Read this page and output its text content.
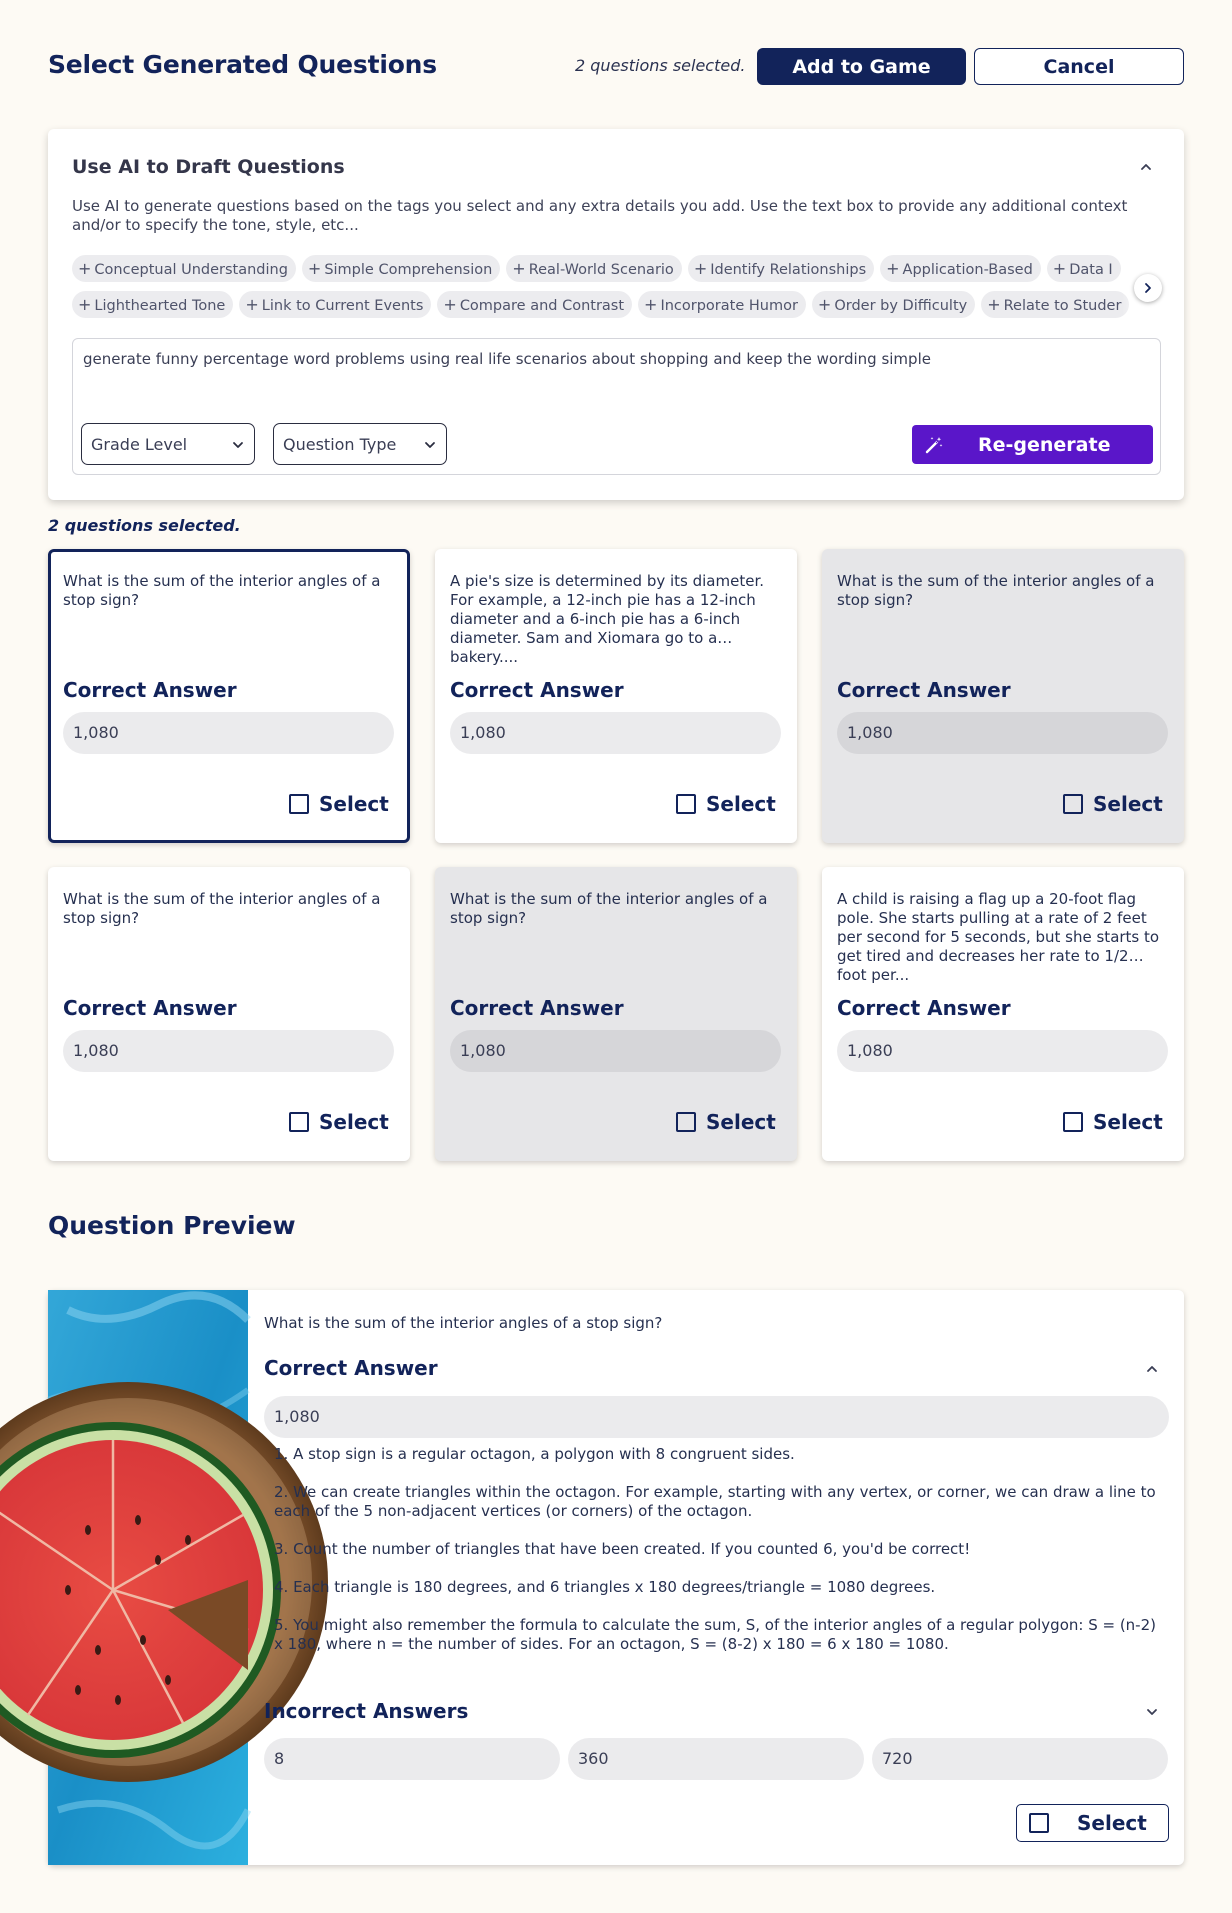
Select Generated Questions	2 questions selected.	Add to Game	Cancel
Use AI to Draft Questions
Use AI to generate questions based on the tags you select and any extra details you add. Use the text box to provide any additional context and/or to specify the tone, style, etc...
+ Conceptual Understanding + Simple Comprehension + Real-World Scenario + Identify Relationships + Application-Based + Data I
+ Lighthearted Tone + Link to Current Events + Compare and Contrast + Incorporate Humor + Order by Difficulty + Relate to Studer
generate funny percentage word problems using real life scenarios about shopping and keep the wording simple
Grade Level	Question Type	Re-generate
2 questions selected.
What is the sum of the interior angles of a stop sign?
Correct Answer
1,080
Select
A pie's size is determined by its diameter. For example, a 12-inch pie has a 12-inch diameter and a 6-inch pie has a 6-inch diameter. Sam and Xiomara go to a bakery....
Correct Answer
1,080
Select
What is the sum of the interior angles of a stop sign?
Correct Answer
1,080
Select
What is the sum of the interior angles of a stop sign?
Correct Answer
1,080
Select
What is the sum of the interior angles of a stop sign?
Correct Answer
1,080
Select
A child is raising a flag up a 20-foot flag pole. She starts pulling at a rate of 2 feet per second for 5 seconds, but she starts to get tired and decreases her rate to 1/2 foot per...
Correct Answer
1,080
Select
Question Preview
What is the sum of the interior angles of a stop sign?
Correct Answer
1,080

1. A stop sign is a regular octagon, a polygon with 8 congruent sides.

2. We can create triangles within the octagon. For example, starting with any vertex, or corner, we can draw a line to each of the 5 non-adjacent vertices (or corners) of the octagon.

3. Count the number of triangles that have been created. If you counted 6, you'd be correct!

4. Each triangle is 180 degrees, and 6 triangles x 180 degrees/triangle = 1080 degrees.

5. You might also remember the formula to calculate the sum, S, of the interior angles of a regular polygon: S = (n-2) x 180, where n = the number of sides. For an octagon, S = (8-2) x 180 = 6 x 180 = 1080.

Incorrect Answers
8	360	720
Select
